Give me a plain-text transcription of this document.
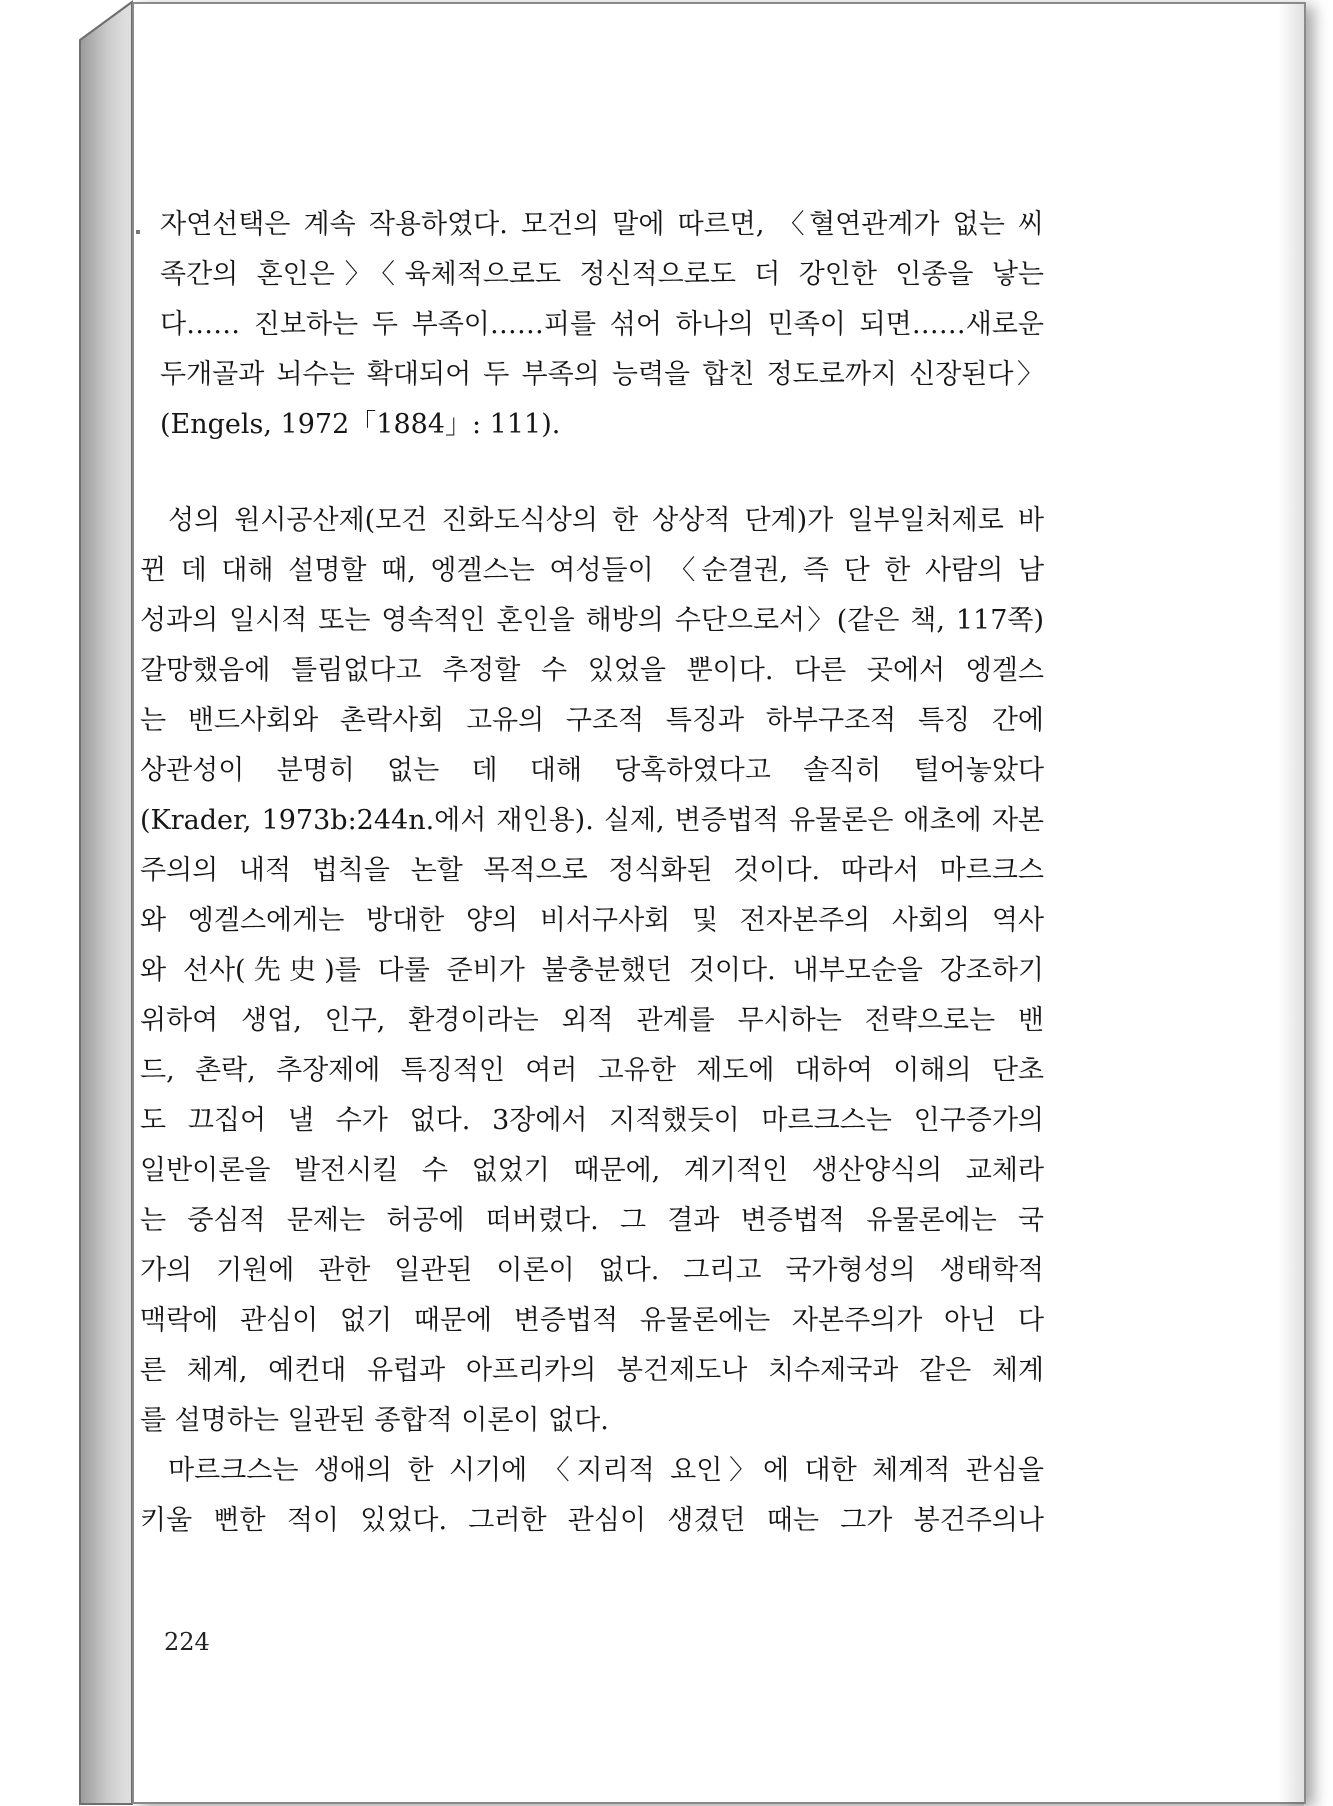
자연선택은 계속 작용하였다. 모건의 말에 따르면, 〈혈연관계가 없는 씨
족간의 혼인은〉〈육체적으로도 정신적으로도 더 강인한 인종을 낳는
다…… 진보하는 두 부족이……피를 섞어 하나의 민족이 되면……새로운
두개골과 뇌수는 확대되어 두 부족의 능력을 합친 정도로까지 신장된다〉
(Engels, 1972「1884」: 111).
성의 원시공산제(모건 진화도식상의 한 상상적 단계)가 일부일처제로 바
뀐 데 대해 설명할 때, 엥겔스는 여성들이 〈순결권, 즉 단 한 사람의 남
성과의 일시적 또는 영속적인 혼인을 해방의 수단으로서〉(같은 책, 117쪽)
갈망했음에 틀림없다고 추정할 수 있었을 뿐이다. 다른 곳에서 엥겔스
는 밴드사회와 촌락사회 고유의 구조적 특징과 하부구조적 특징 간에
상관성이 분명히 없는 데 대해 당혹하였다고 솔직히 털어놓았다
(Krader, 1973b:244n.에서 재인용). 실제, 변증법적 유물론은 애초에 자본
주의의 내적 법칙을 논할 목적으로 정식화된 것이다. 따라서 마르크스
와 엥겔스에게는 방대한 양의 비서구사회 및 전자본주의 사회의 역사
와 선사(先史)를 다룰 준비가 불충분했던 것이다. 내부모순을 강조하기
위하여 생업, 인구, 환경이라는 외적 관계를 무시하는 전략으로는 밴
드, 촌락, 추장제에 특징적인 여러 고유한 제도에 대하여 이해의 단초
도 끄집어 낼 수가 없다. 3장에서 지적했듯이 마르크스는 인구증가의
일반이론을 발전시킬 수 없었기 때문에, 계기적인 생산양식의 교체라
는 중심적 문제는 허공에 떠버렸다. 그 결과 변증법적 유물론에는 국
가의 기원에 관한 일관된 이론이 없다. 그리고 국가형성의 생태학적
맥락에 관심이 없기 때문에 변증법적 유물론에는 자본주의가 아닌 다
른 체계, 예컨대 유럽과 아프리카의 봉건제도나 치수제국과 같은 체계
를 설명하는 일관된 종합적 이론이 없다.
마르크스는 생애의 한 시기에 〈지리적 요인〉에 대한 체계적 관심을
키울 뻔한 적이 있었다. 그러한 관심이 생겼던 때는 그가 봉건주의나
224
